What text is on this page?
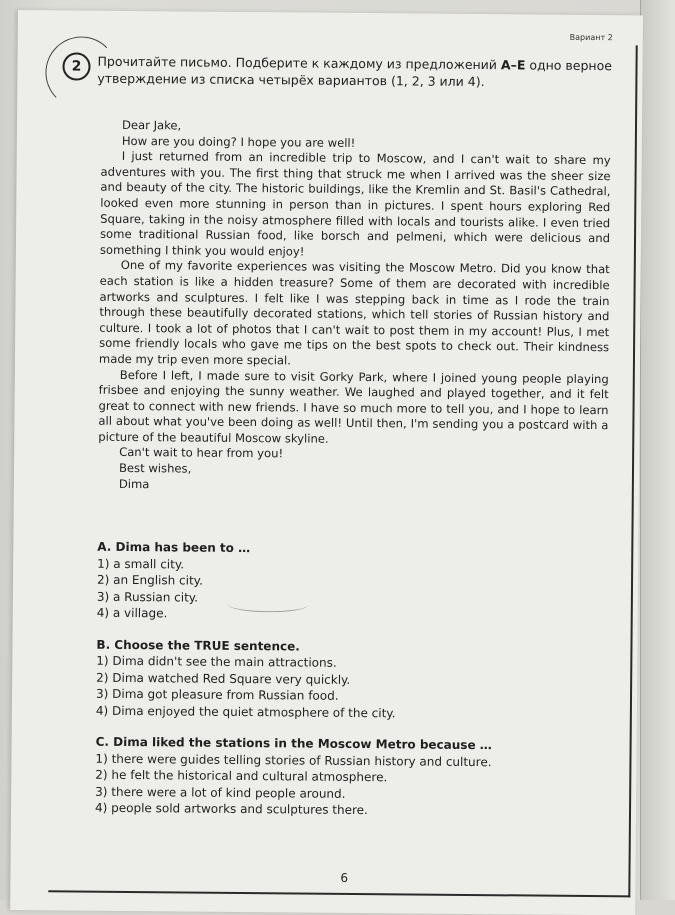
Вариант 2
2	Прочитайте письмо. Подберите к каждому из предложений A–E одно верное утверждение из списка четырёх вариантов (1, 2, 3 или 4).

Dear Jake,

How are you doing? I hope you are well!

I just returned from an incredible trip to Moscow, and I can't wait to share my adventures with you. The first thing that struck me when I arrived was the sheer size and beauty of the city. The historic buildings, like the Kremlin and St. Basil's Cathedral, looked even more stunning in person than in pictures. I spent hours exploring Red Square, taking in the noisy atmosphere filled with locals and tourists alike. I even tried some traditional Russian food, like borsch and pelmeni, which were delicious and something I think you would enjoy!

One of my favorite experiences was visiting the Moscow Metro. Did you know that each station is like a hidden treasure? Some of them are decorated with incredible artworks and sculptures. I felt like I was stepping back in time as I rode the train through these beautifully decorated stations, which tell stories of Russian history and culture. I took a lot of photos that I can't wait to post them in my account! Plus, I met some friendly locals who gave me tips on the best spots to check out. Their kindness made my trip even more special.

Before I left, I made sure to visit Gorky Park, where I joined young people playing frisbee and enjoying the sunny weather. We laughed and played together, and it felt great to connect with new friends. I have so much more to tell you, and I hope to learn all about what you've been doing as well! Until then, I'm sending you a postcard with a picture of the beautiful Moscow skyline.

Can't wait to hear from you!

Best wishes,

Dima

A. Dima has been to …

1) a small city.

2) an English city.

3) a Russian city.

4) a village.

B. Choose the TRUE sentence.

1) Dima didn't see the main attractions.

2) Dima watched Red Square very quickly.

3) Dima got pleasure from Russian food.

4) Dima enjoyed the quiet atmosphere of the city.

C. Dima liked the stations in the Moscow Metro because …

1) there were guides telling stories of Russian history and culture.

2) he felt the historical and cultural atmosphere.

3) there were a lot of kind people around.

4) people sold artworks and sculptures there.

6
